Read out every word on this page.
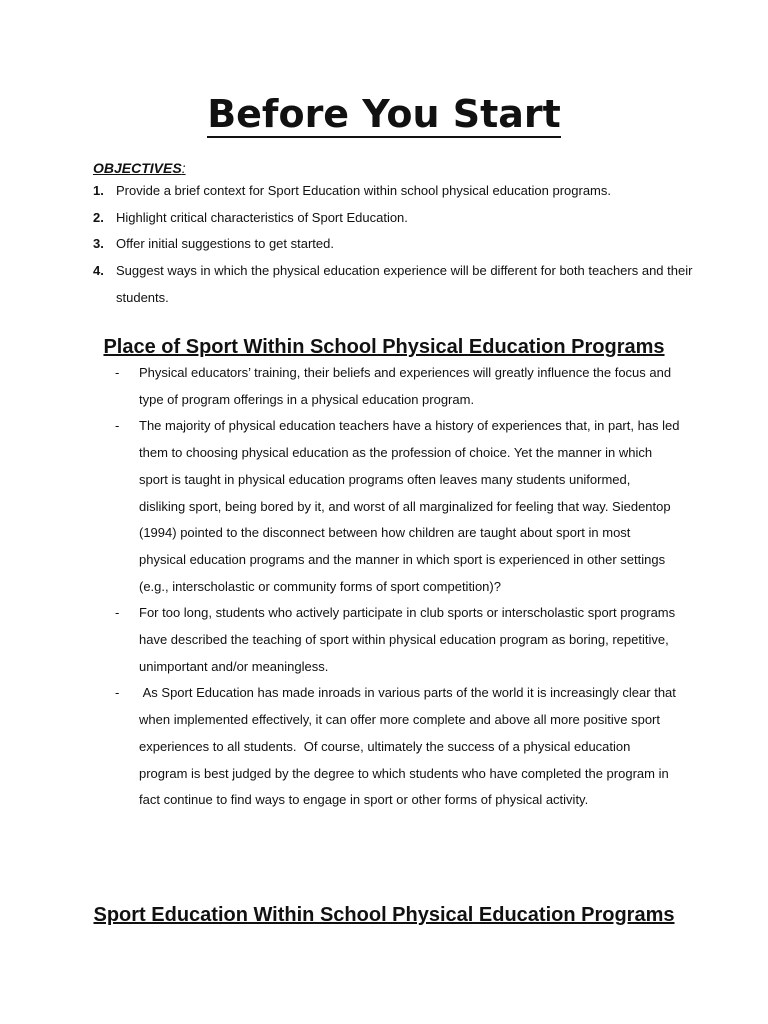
Before You Start
OBJECTIVES:
1. Provide a brief context for Sport Education within school physical education programs.
2. Highlight critical characteristics of Sport Education.
3. Offer initial suggestions to get started.
4. Suggest ways in which the physical education experience will be different for both teachers and their students.
Place of Sport Within School Physical Education Programs
- Physical educators’ training, their beliefs and experiences will greatly influence the focus and type of program offerings in a physical education program.
- The majority of physical education teachers have a history of experiences that, in part, has led them to choosing physical education as the profession of choice. Yet the manner in which sport is taught in physical education programs often leaves many students uniformed, disliking sport, being bored by it, and worst of all marginalized for feeling that way. Siedentop (1994) pointed to the disconnect between how children are taught about sport in most physical education programs and the manner in which sport is experienced in other settings (e.g., interscholastic or community forms of sport competition)?
- For too long, students who actively participate in club sports or interscholastic sport programs have described the teaching of sport within physical education program as boring, repetitive, unimportant and/or meaningless.
- As Sport Education has made inroads in various parts of the world it is increasingly clear that when implemented effectively, it can offer more complete and above all more positive sport experiences to all students.  Of course, ultimately the success of a physical education program is best judged by the degree to which students who have completed the program in fact continue to find ways to engage in sport or other forms of physical activity.
Sport Education Within School Physical Education Programs
